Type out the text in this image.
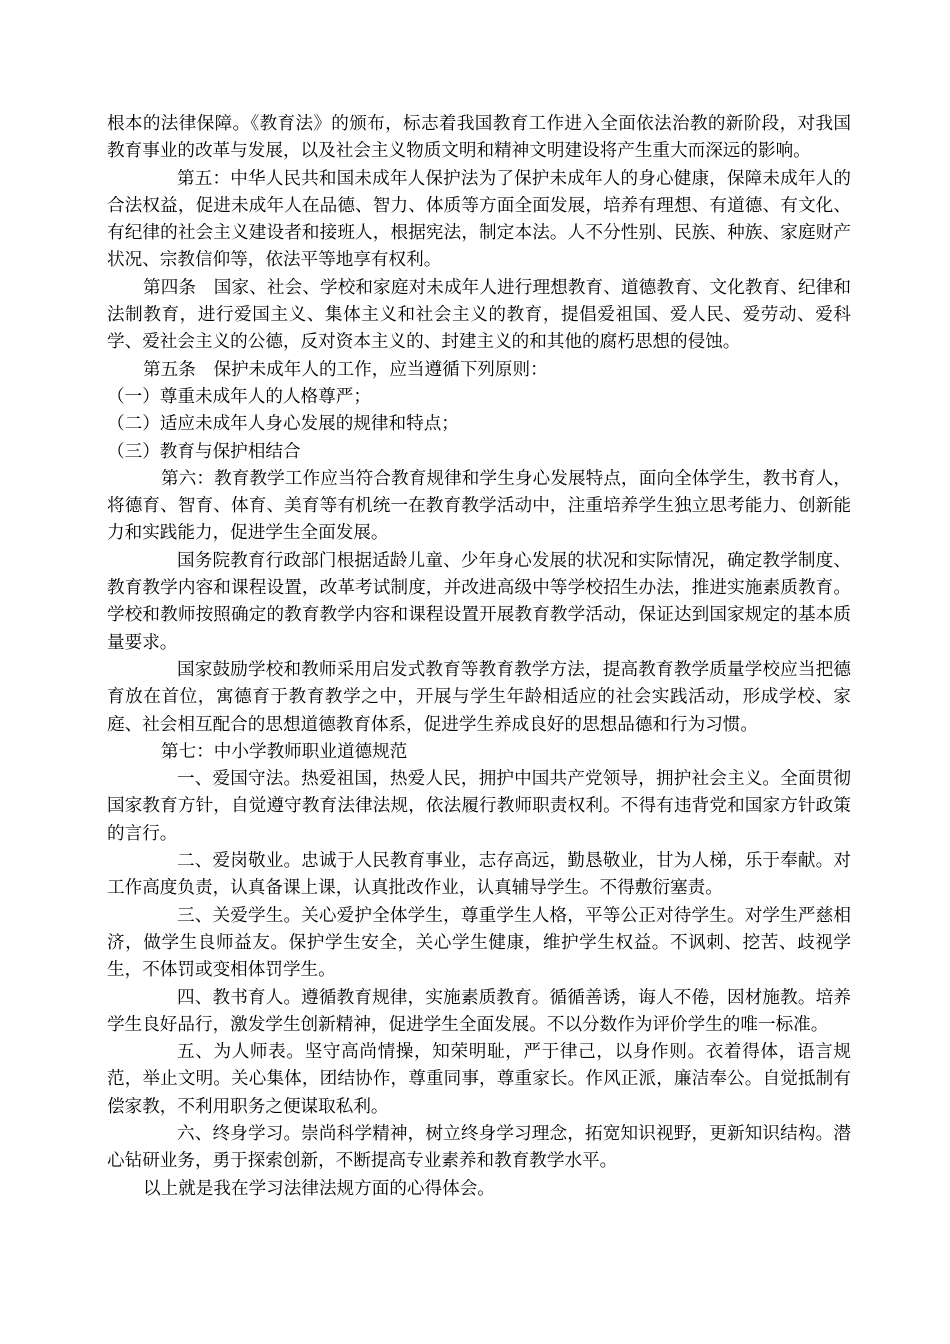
根本的法律保障。《教育法》的颁布，标志着我国教育工作进入全面依法治教的新阶段，对我国教育事业的改革与发展，以及社会主义物质文明和精神文明建设将产生重大而深远的影响。

第五：中华人民共和国未成年人保护法为了保护未成年人的身心健康，保障未成年人的合法权益，促进未成年人在品德、智力、体质等方面全面发展，培养有理想、有道德、有文化、有纪律的社会主义建设者和接班人，根据宪法，制定本法。人不分性别、民族、种族、家庭财产状况、宗教信仰等，依法平等地享有权利。

第四条　国家、社会、学校和家庭对未成年人进行理想教育、道德教育、文化教育、纪律和法制教育，进行爱国主义、集体主义和社会主义的教育，提倡爱祖国、爱人民、爱劳动、爱科学、爱社会主义的公德，反对资本主义的、封建主义的和其他的腐朽思想的侵蚀。

第五条　保护未成年人的工作，应当遵循下列原则：

（一）尊重未成年人的人格尊严；

（二）适应未成年人身心发展的规律和特点；

（三）教育与保护相结合

第六：教育教学工作应当符合教育规律和学生身心发展特点，面向全体学生，教书育人，将德育、智育、体育、美育等有机统一在教育教学活动中，注重培养学生独立思考能力、创新能力和实践能力，促进学生全面发展。

国务院教育行政部门根据适龄儿童、少年身心发展的状况和实际情况，确定教学制度、教育教学内容和课程设置，改革考试制度，并改进高级中等学校招生办法，推进实施素质教育。学校和教师按照确定的教育教学内容和课程设置开展教育教学活动，保证达到国家规定的基本质量要求。

国家鼓励学校和教师采用启发式教育等教育教学方法，提高教育教学质量学校应当把德育放在首位，寓德育于教育教学之中，开展与学生年龄相适应的社会实践活动，形成学校、家庭、社会相互配合的思想道德教育体系，促进学生养成良好的思想品德和行为习惯。

第七：中小学教师职业道德规范

一、爱国守法。热爱祖国，热爱人民，拥护中国共产党领导，拥护社会主义。全面贯彻国家教育方针，自觉遵守教育法律法规，依法履行教师职责权利。不得有违背党和国家方针政策的言行。

二、爱岗敬业。忠诚于人民教育事业，志存高远，勤恳敬业，甘为人梯，乐于奉献。对工作高度负责，认真备课上课，认真批改作业，认真辅导学生。不得敷衍塞责。

三、关爱学生。关心爱护全体学生，尊重学生人格，平等公正对待学生。对学生严慈相济，做学生良师益友。保护学生安全，关心学生健康，维护学生权益。不讽刺、挖苦、歧视学生，不体罚或变相体罚学生。

四、教书育人。遵循教育规律，实施素质教育。循循善诱，诲人不倦，因材施教。培养学生良好品行，激发学生创新精神，促进学生全面发展。不以分数作为评价学生的唯一标准。

五、为人师表。坚守高尚情操，知荣明耻，严于律己，以身作则。衣着得体，语言规范，举止文明。关心集体，团结协作，尊重同事，尊重家长。作风正派，廉洁奉公。自觉抵制有偿家教，不利用职务之便谋取私利。

六、终身学习。崇尚科学精神，树立终身学习理念，拓宽知识视野，更新知识结构。潜心钻研业务，勇于探索创新，不断提高专业素养和教育教学水平。

以上就是我在学习法律法规方面的心得体会。
